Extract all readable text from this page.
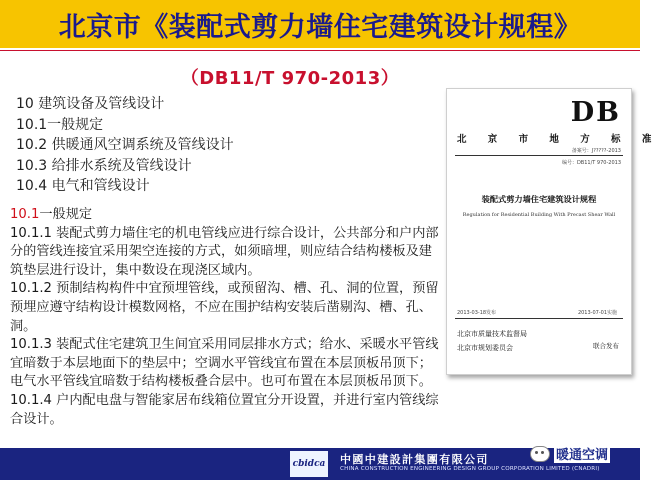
北京市《装配式剪力墙住宅建筑设计规程》
（DB11/T 970-2013）
10 建筑设备及管线设计
10.1一般规定
10.2 供暖通风空调系统及管线设计
10.3 给排水系统及管线设计
10.4 电气和管线设计
10.1一般规定

10.1.1 装配式剪力墙住宅的机电管线应进行综合设计，公共部分和户内部分的管线连接宜采用架空连接的方式，如须暗埋，则应结合结构楼板及建筑垫层进行设计，集中数设在现浇区域内。

10.1.2 预制结构构件中宜预埋管线，或预留沟、槽、孔、洞的位置，预留预埋应遵守结构设计模数网格，不应在围护结构安装后凿剔沟、槽、孔、洞。

10.1.3 装配式住宅建筑卫生间宜采用同层排水方式；给水、采暖水平管线宜暗数于本层地面下的垫层中；空调水平管线宜布置在本层顶板吊顶下；电气水平管线宜暗数于结构楼板叠合层中。也可布置在本层顶板吊顶下。

10.1.4 户内配电盘与智能家居布线箱位置宜分开设置，并进行室内管线综合设计。

DB
北 京 市 地 方 标 准
备案号：J?????-2013
编号：DB11/T 970-2013
装配式剪力墙住宅建筑设计规程
Regulation for Residential Building With Precast Shear Wall
2013-03-18发布	2013-07-01实施
北京市质量技术监督局
北京市规划委员会	联合发布
cbidca 中國中建設計集團有限公司
CHINA CONSTRUCTION ENGINEERING DESIGN GROUP CORPORATION LIMITED (CNADRI)
暖通空调
